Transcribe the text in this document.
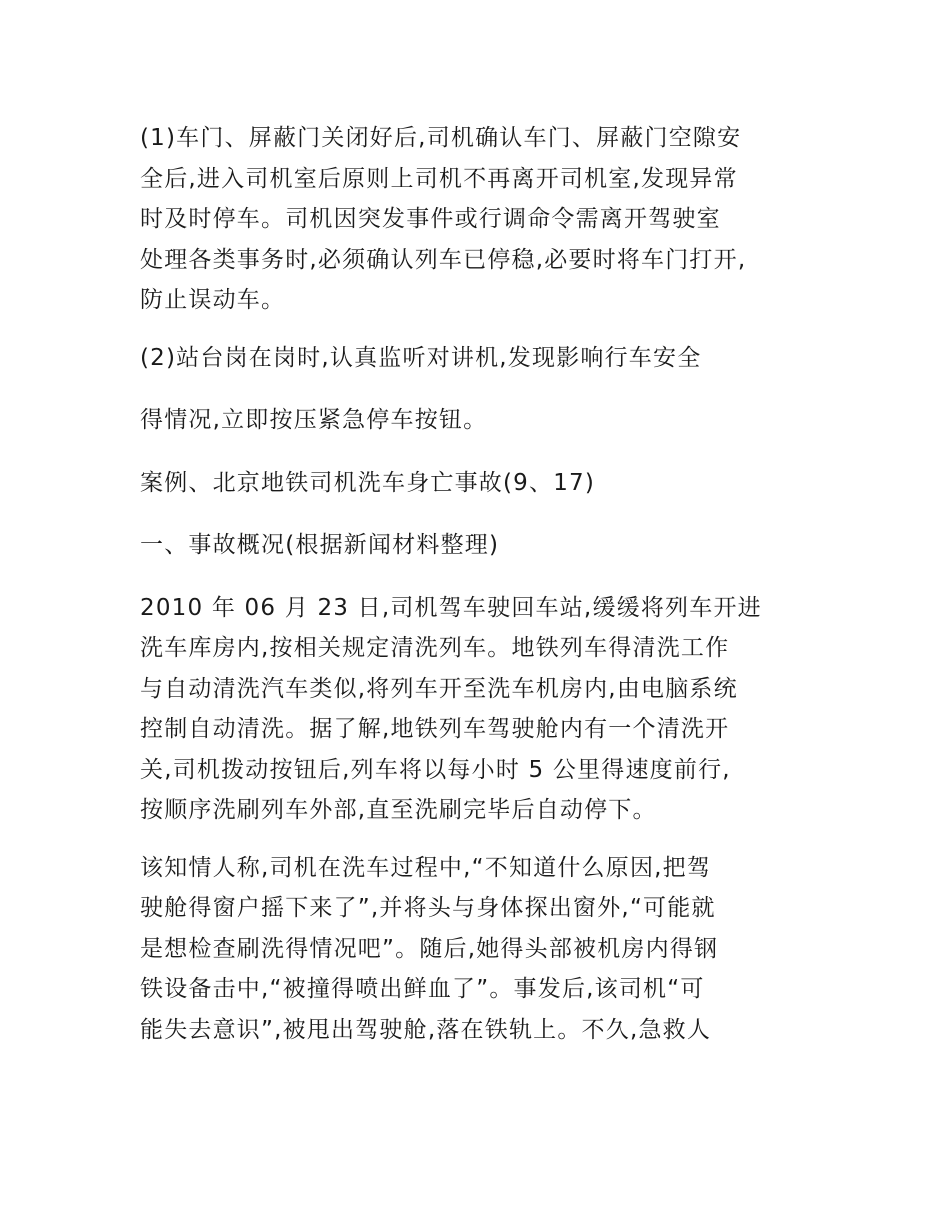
(1)车门、屏蔽门关闭好后,司机确认车门、屏蔽门空隙安
全后,进入司机室后原则上司机不再离开司机室,发现异常
时及时停车。司机因突发事件或行调命令需离开驾驶室
处理各类事务时,必须确认列车已停稳,必要时将车门打开,
防止误动车。

(2)站台岗在岗时,认真监听对讲机,发现影响行车安全

得情况,立即按压紧急停车按钮。

案例、北京地铁司机洗车身亡事故(9、17)

一、事故概况(根据新闻材料整理)

2010 年 06 月 23 日,司机驾车驶回车站,缓缓将列车开进
洗车库房内,按相关规定清洗列车。地铁列车得清洗工作
与自动清洗汽车类似,将列车开至洗车机房内,由电脑系统
控制自动清洗。据了解,地铁列车驾驶舱内有一个清洗开
关,司机拨动按钮后,列车将以每小时 5 公里得速度前行,
按顺序洗刷列车外部,直至洗刷完毕后自动停下。

该知情人称,司机在洗车过程中,“不知道什么原因,把驾
驶舱得窗户摇下来了”,并将头与身体探出窗外,“可能就
是想检查刷洗得情况吧”。随后,她得头部被机房内得钢
铁设备击中,“被撞得喷出鲜血了”。事发后,该司机“可
能失去意识”,被甩出驾驶舱,落在铁轨上。不久,急救人
